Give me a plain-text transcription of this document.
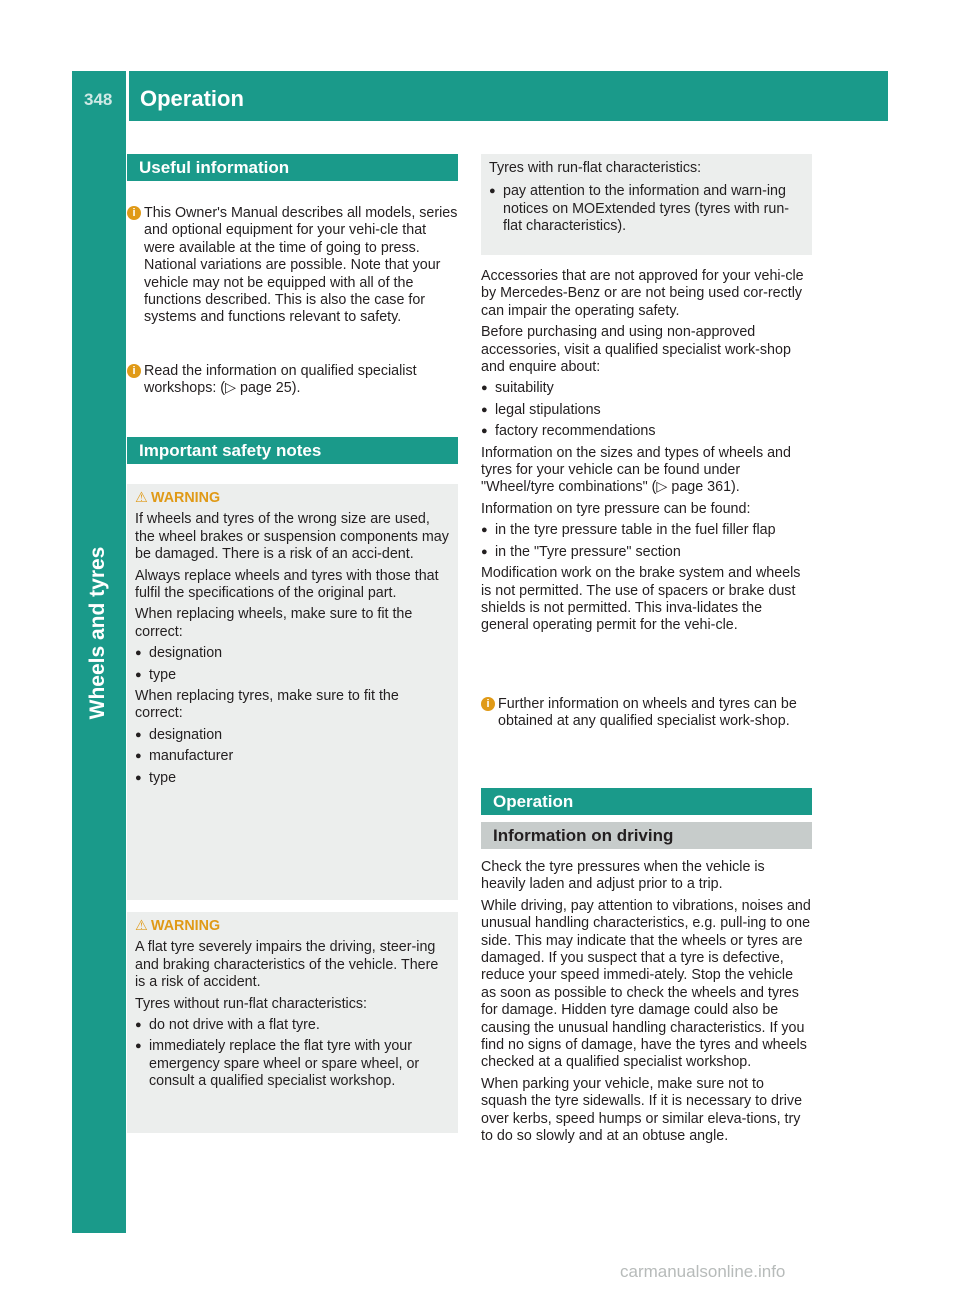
348 Operation
Wheels and tyres
Useful information
i This Owner's Manual describes all models, series and optional equipment for your vehi-cle that were available at the time of going to press. National variations are possible. Note that your vehicle may not be equipped with all of the functions described. This is also the case for systems and functions relevant to safety.
i Read the information on qualified specialist workshops: (▷ page 25).
Important safety notes
⚠ WARNING

If wheels and tyres of the wrong size are used, the wheel brakes or suspension components may be damaged. There is a risk of an acci-dent.

Always replace wheels and tyres with those that fulfil the specifications of the original part.

When replacing wheels, make sure to fit the correct:

● designation
● type

When replacing tyres, make sure to fit the correct:

● designation
● manufacturer
● type
⚠ WARNING

A flat tyre severely impairs the driving, steer-ing and braking characteristics of the vehicle. There is a risk of accident.

Tyres without run-flat characteristics:

● do not drive with a flat tyre.
● immediately replace the flat tyre with your emergency spare wheel or spare wheel, or consult a qualified specialist workshop.

Tyres with run-flat characteristics:

● pay attention to the information and warn-ing notices on MOExtended tyres (tyres with run-flat characteristics).

Accessories that are not approved for your vehi-cle by Mercedes-Benz or are not being used cor-rectly can impair the operating safety.

Before purchasing and using non-approved accessories, visit a qualified specialist work-shop and enquire about:

● suitability
● legal stipulations
● factory recommendations

Information on the sizes and types of wheels and tyres for your vehicle can be found under "Wheel/tyre combinations" (▷ page 361).

Information on tyre pressure can be found:

● in the tyre pressure table in the fuel filler flap
● in the "Tyre pressure" section

Modification work on the brake system and wheels is not permitted. The use of spacers or brake dust shields is not permitted. This inva-lidates the general operating permit for the vehi-cle.

i Further information on wheels and tyres can be obtained at any qualified specialist work-shop.
Operation
Information on driving

Check the tyre pressures when the vehicle is heavily laden and adjust prior to a trip.

While driving, pay attention to vibrations, noises and unusual handling characteristics, e.g. pull-ing to one side. This may indicate that the wheels or tyres are damaged. If you suspect that a tyre is defective, reduce your speed immedi-ately. Stop the vehicle as soon as possible to check the wheels and tyres for damage. Hidden tyre damage could also be causing the unusual handling characteristics. If you find no signs of damage, have the tyres and wheels checked at a qualified specialist workshop.

When parking your vehicle, make sure not to squash the tyre sidewalls. If it is necessary to drive over kerbs, speed humps or similar eleva-tions, try to do so slowly and at an obtuse angle.

carmanualsonline.info
